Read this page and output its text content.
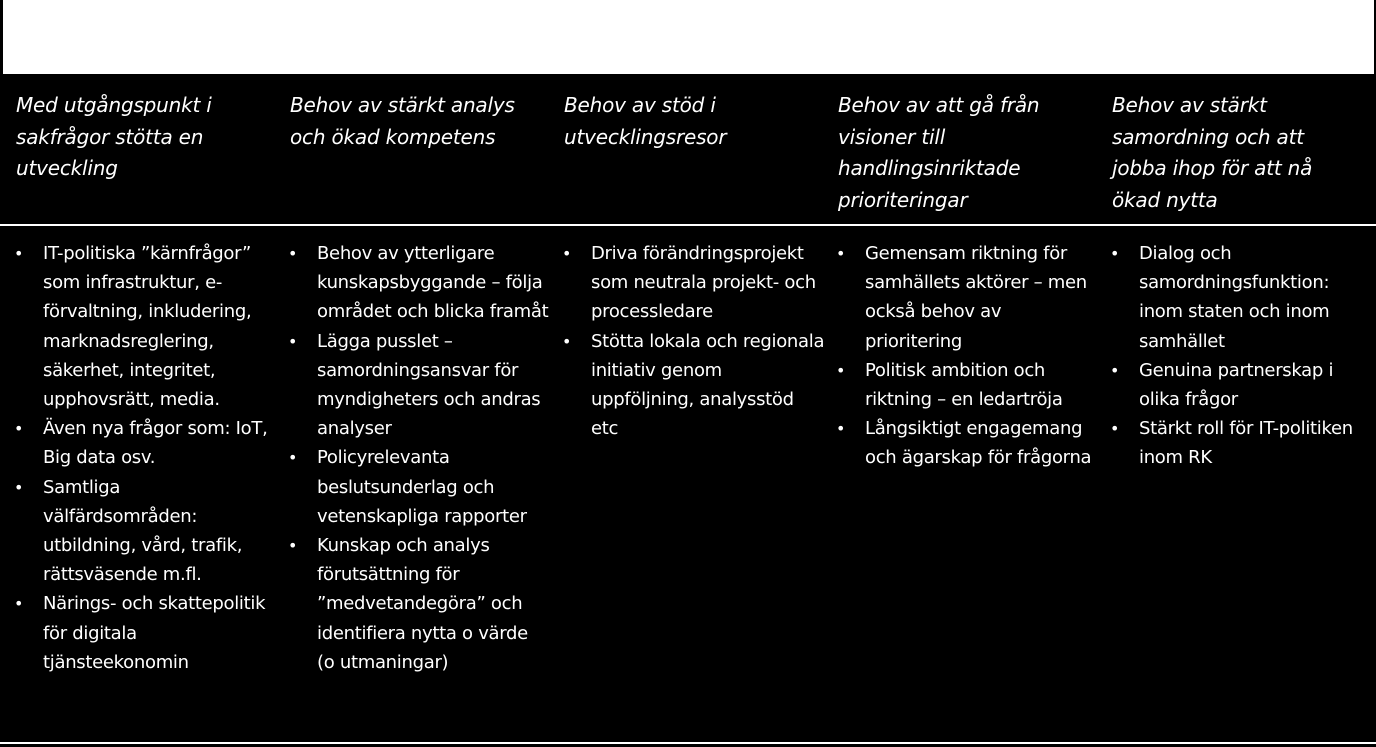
Med utgångspunkt i sakfrågor stötta en utveckling
Behov av stärkt analys och ökad kompetens
Behov av stöd i utvecklingsresor
Behov av att gå från visioner till handlingsinriktade prioriteringar
Behov av stärkt samordning och att jobba ihop för att nå ökad nytta
• IT-politiska ”kärnfrågor” som infrastruktur, e-förvaltning, inkludering, marknadsreglering, säkerhet, integritet, upphovsrätt, media.
• Även nya frågor som: IoT, Big data osv.
• Samtliga välfärdsområden: utbildning, vård, trafik, rättsväsende m.fl.
• Närings- och skattepolitik för digitala tjänsteekonomin
• Behov av ytterligare kunskapsbyggande – följa området och blicka framåt
• Lägga pusslet – samordningsansvar för myndigheters och andras analyser
• Policyrelevanta beslutsunderlag och vetenskapliga rapporter
• Kunskap och analys förutsättning för ”medvetandegöra” och identifiera nytta o värde (o utmaningar)
• Driva förändringsprojekt som neutrala projekt- och processledare
• Stötta lokala och regionala initiativ genom uppföljning, analysstöd etc
• Gemensam riktning för samhällets aktörer – men också behov av prioritering
• Politisk ambition och riktning – en ledartröja
• Långsiktigt engagemang och ägarskap för frågorna
• Dialog och samordningsfunktion: inom staten och inom samhället
• Genuina partnerskap i olika frågor
• Stärkt roll för IT-politiken inom RK
